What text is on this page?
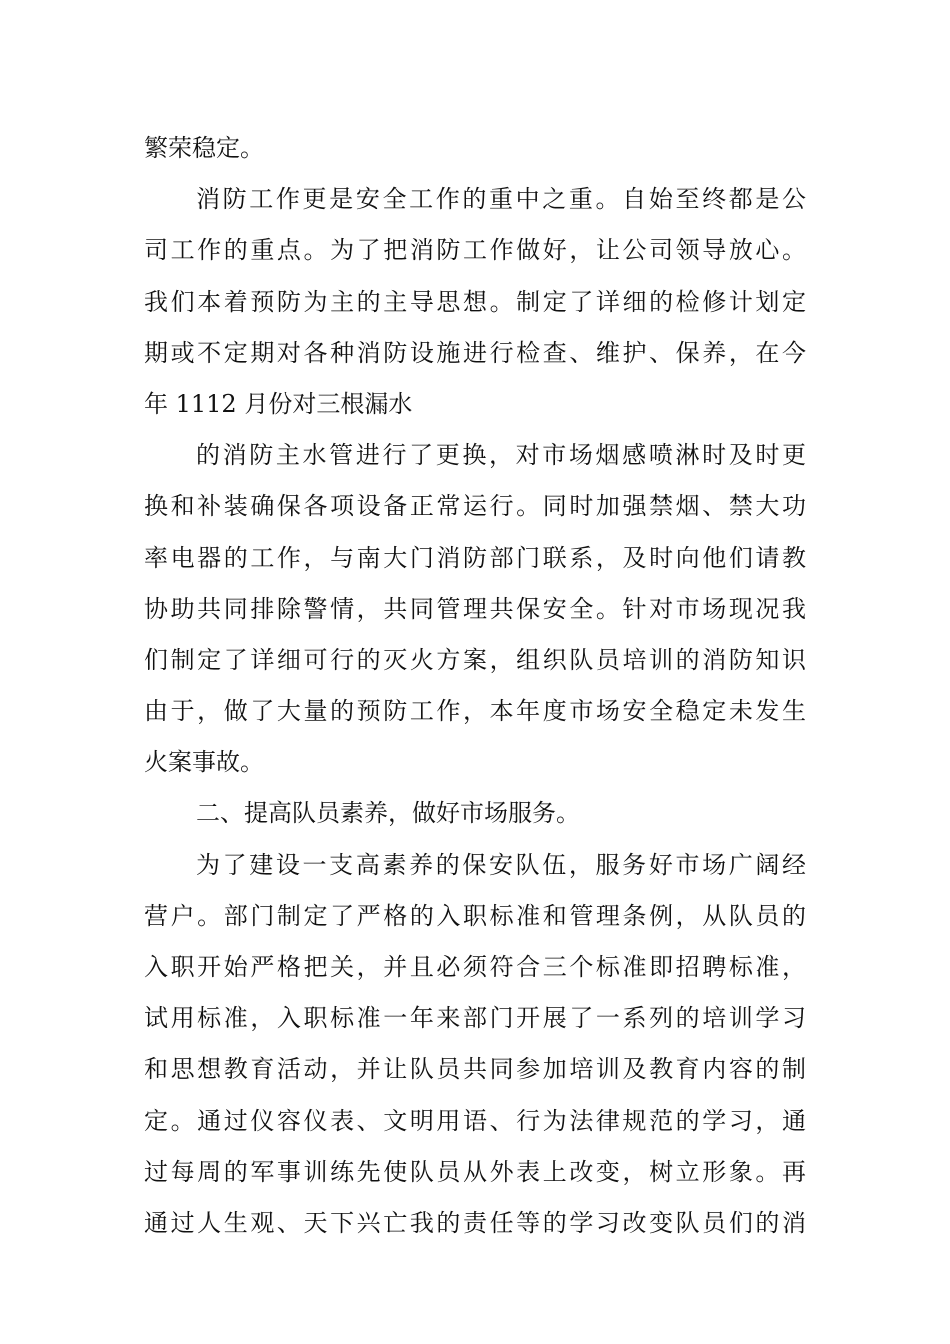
繁荣稳定。
消防工作更是安全工作的重中之重。自始至终都是公
司工作的重点。为了把消防工作做好，让公司领导放心。
我们本着预防为主的主导思想。制定了详细的检修计划定
期或不定期对各种消防设施进行检查、维护、保养，在今
年 1112 月份对三根漏水
的消防主水管进行了更换，对市场烟感喷淋时及时更
换和补装确保各项设备正常运行。同时加强禁烟、禁大功
率电器的工作，与南大门消防部门联系，及时向他们请教
协助共同排除警情，共同管理共保安全。针对市场现况我
们制定了详细可行的灭火方案，组织队员培训的消防知识
由于，做了大量的预防工作，本年度市场安全稳定未发生
火案事故。
二、提高队员素养，做好市场服务。
为了建设一支高素养的保安队伍，服务好市场广阔经
营户。部门制定了严格的入职标准和管理条例，从队员的
入职开始严格把关，并且必须符合三个标准即招聘标准，
试用标准，入职标准一年来部门开展了一系列的培训学习
和思想教育活动，并让队员共同参加培训及教育内容的制
定。通过仪容仪表、文明用语、行为法律规范的学习，通
过每周的军事训练先使队员从外表上改变，树立形象。再
通过人生观、天下兴亡我的责任等的学习改变队员们的消
